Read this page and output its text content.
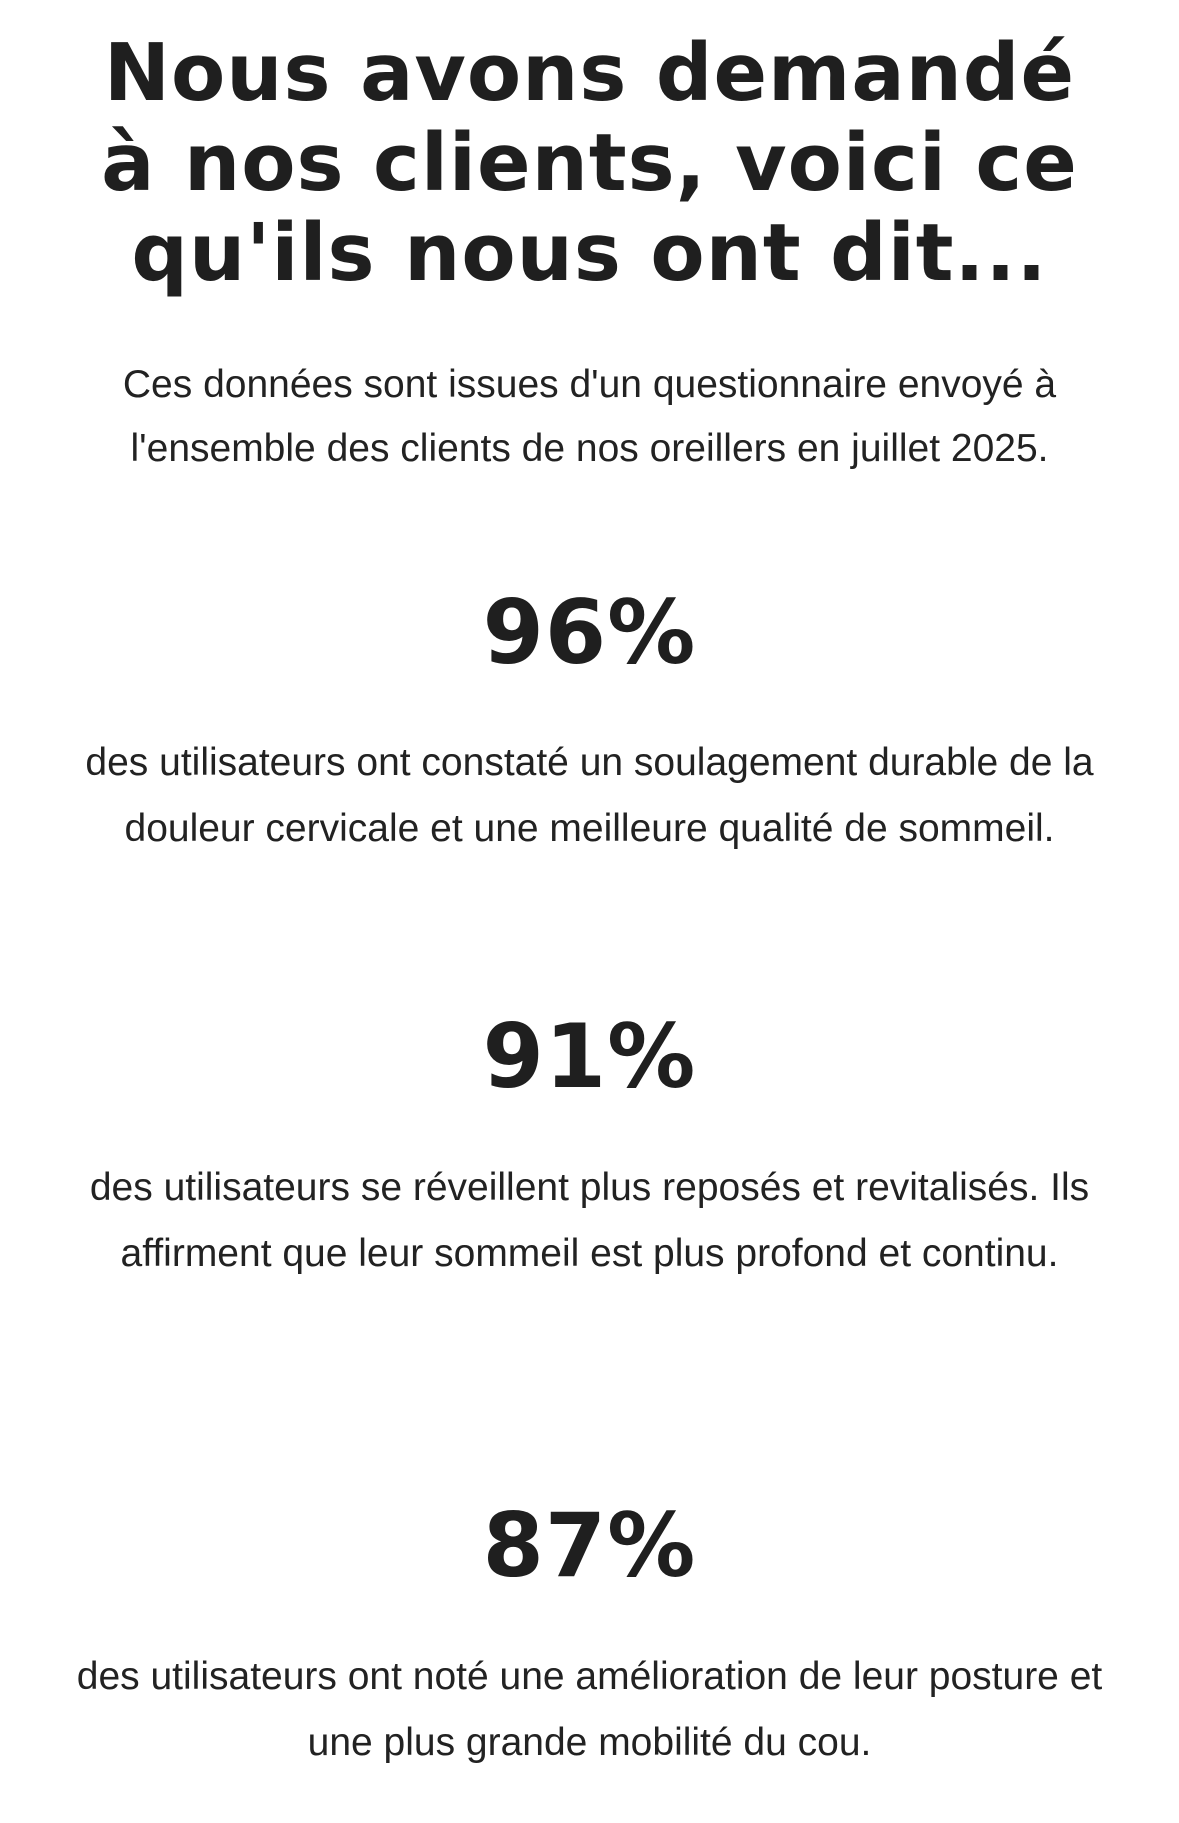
Nous avons demandé à nos clients, voici ce qu'ils nous ont dit...

Ces données sont issues d'un questionnaire envoyé à l'ensemble des clients de nos oreillers en juillet 2025.

96%

des utilisateurs ont constaté un soulagement durable de la douleur cervicale et une meilleure qualité de sommeil.

91%

des utilisateurs se réveillent plus reposés et revitalisés. Ils affirment que leur sommeil est plus profond et continu.

87%

des utilisateurs ont noté une amélioration de leur posture et une plus grande mobilité du cou.
